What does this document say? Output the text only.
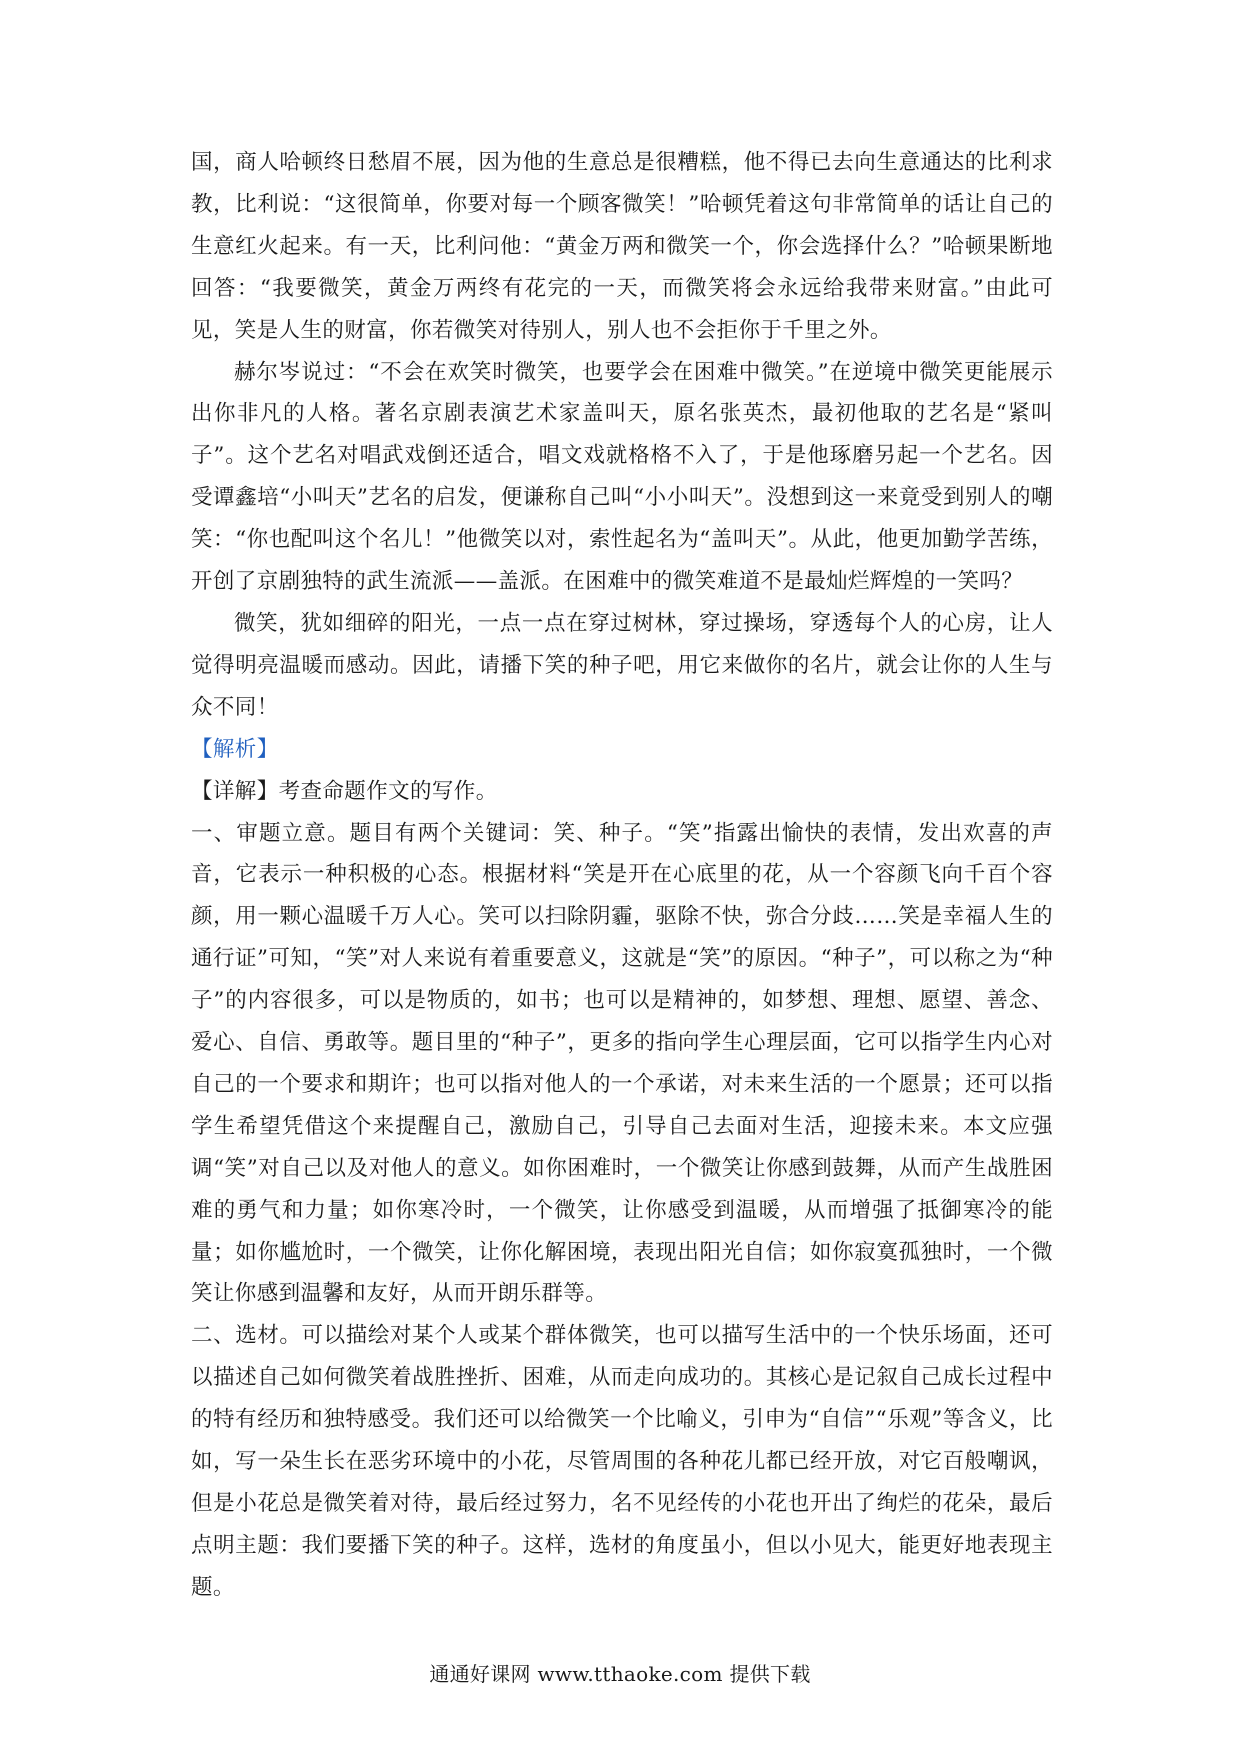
国，商人哈顿终日愁眉不展，因为他的生意总是很糟糕，他不得已去向生意通达的比利求教，比利说：“这很简单，你要对每一个顾客微笑！”哈顿凭着这句非常简单的话让自己的生意红火起来。有一天，比利问他：“黄金万两和微笑一个，你会选择什么？”哈顿果断地回答：“我要微笑，黄金万两终有花完的一天，而微笑将会永远给我带来财富。”由此可见，笑是人生的财富，你若微笑对待别人，别人也不会拒你于千里之外。

赫尔岑说过：“不会在欢笑时微笑，也要学会在困难中微笑。”在逆境中微笑更能展示出你非凡的人格。著名京剧表演艺术家盖叫天，原名张英杰，最初他取的艺名是“紧叫子”。这个艺名对唱武戏倒还适合，唱文戏就格格不入了，于是他琢磨另起一个艺名。因受谭鑫培“小叫天”艺名的启发，便谦称自己叫“小小叫天”。没想到这一来竟受到别人的嘲笑：“你也配叫这个名儿！”他微笑以对，索性起名为“盖叫天”。从此，他更加勤学苦练，开创了京剧独特的武生流派——盖派。在困难中的微笑难道不是最灿烂辉煌的一笑吗？

微笑，犹如细碎的阳光，一点一点在穿过树林，穿过操场，穿透每个人的心房，让人觉得明亮温暖而感动。因此，请播下笑的种子吧，用它来做你的名片，就会让你的人生与众不同！

【解析】

【详解】考查命题作文的写作。

一、审题立意。题目有两个关键词：笑、种子。“笑”指露出愉快的表情，发出欢喜的声音，它表示一种积极的心态。根据材料“笑是开在心底里的花，从一个容颜飞向千百个容颜，用一颗心温暖千万人心。笑可以扫除阴霾，驱除不快，弥合分歧……笑是幸福人生的通行证”可知，“笑”对人来说有着重要意义，这就是“笑”的原因。“种子”，可以称之为“种子”的内容很多，可以是物质的，如书；也可以是精神的，如梦想、理想、愿望、善念、爱心、自信、勇敢等。题目里的“种子”，更多的指向学生心理层面，它可以指学生内心对自己的一个要求和期许；也可以指对他人的一个承诺，对未来生活的一个愿景；还可以指学生希望凭借这个来提醒自己，激励自己，引导自己去面对生活，迎接未来。本文应强调“笑”对自己以及对他人的意义。如你困难时，一个微笑让你感到鼓舞，从而产生战胜困难的勇气和力量；如你寒冷时，一个微笑，让你感受到温暖，从而增强了抵御寒冷的能量；如你尴尬时，一个微笑，让你化解困境，表现出阳光自信；如你寂寞孤独时，一个微笑让你感到温馨和友好，从而开朗乐群等。

二、选材。可以描绘对某个人或某个群体微笑，也可以描写生活中的一个快乐场面，还可以描述自己如何微笑着战胜挫折、困难，从而走向成功的。其核心是记叙自己成长过程中的特有经历和独特感受。我们还可以给微笑一个比喻义，引申为“自信”“乐观”等含义，比如，写一朵生长在恶劣环境中的小花，尽管周围的各种花儿都已经开放，对它百般嘲讽，但是小花总是微笑着对待，最后经过努力，名不见经传的小花也开出了绚烂的花朵，最后点明主题：我们要播下笑的种子。这样，选材的角度虽小，但以小见大，能更好地表现主题。

通通好课网 www.tthaoke.com 提供下载
